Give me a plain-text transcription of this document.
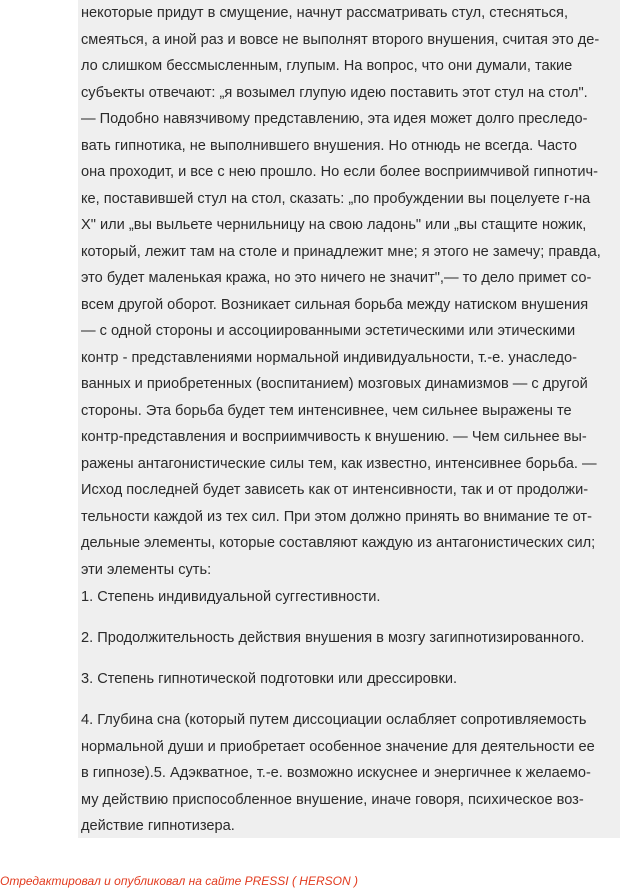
некоторые придут в смущение, начнут рассматривать стул, стесняться,
смеяться, а иной раз и вовсе не выполнят второго внушения, считая это де-
ло слишком бессмысленным, глупым. На вопрос, что они думали, такие
субъекты отвечают: „я возымел глупую идею поставить этот стул на стол".
— Подобно навязчивому представлению, эта идея может долго преследо-
вать гипнотика, не выполнившего внушения. Но отнюдь не всегда. Часто
она проходит, и все с нею прошло. Но если более восприимчивой гипнотич-
ке, поставившей стул на стол, сказать: „по пробуждении вы поцелуете г-на
X" или „вы выльете чернильницу на свою ладонь" или „вы стащите ножик,
который, лежит там на столе и принадлежит мне; я этого не замечу; правда,
это будет маленькая кража, но это ничего не значит",— то дело примет со-
всем другой оборот. Возникает сильная борьба между натиском внушения
— с одной стороны и ассоциированными эстетическими или этическими
контр - представлениями нормальной индивидуальности, т.-е. унаследо-
ванных и приобретенных (воспитанием) мозговых динамизмов — с другой
стороны. Эта борьба будет тем интенсивнее, чем сильнее выражены те
контр-представления и восприимчивость к внушению. — Чем сильнее вы-
ражены антагонистические силы тем, как известно, интенсивнее борьба. —
Исход последней будет зависеть как от интенсивности, так и от продолжи-
тельности каждой из тех сил. При этом должно принять во внимание те от-
дельные элементы, которые составляют каждую из антагонистических сил;
эти элементы суть:
1. Степень индивидуальной суггестивности.
2. Продолжительность действия внушения в мозгу загипнотизированного.
3. Степень гипнотической подготовки или дрессировки.
4. Глубина сна (который путем диссоциации ослабляет сопротивляемость
нормальной души и приобретает особенное значение для деятельности ее
в гипнозе).5. Адэкватное, т.-е. возможно искуснее и энергичнее к желаемо-
му действию приспособленное внушение, иначе говоря, психическое воз-
действие гипнотизера.
Отредактировал и опубликовал на сайте PRESSI ( HERSON )
